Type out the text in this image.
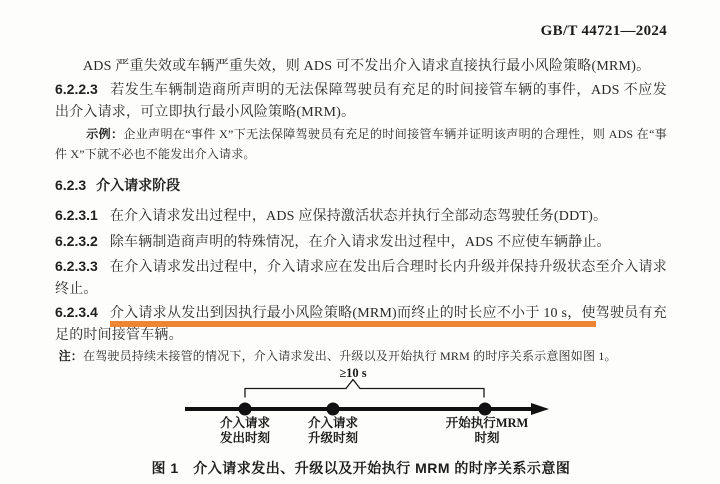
GB/T 44721—2024

ADS 严重失效或车辆严重失效，则 ADS 可不发出介入请求直接执行最小风险策略(MRM)。

6.2.2.3 若发生车辆制造商所声明的无法保障驾驶员有充足的时间接管车辆的事件，ADS 不应发出介入请求，可立即执行最小风险策略(MRM)。

示例：企业声明在“事件 X”下无法保障驾驶员有充足的时间接管车辆并证明该声明的合理性，则 ADS 在“事件 X”下就不必也不能发出介入请求。

6.2.3 介入请求阶段

6.2.3.1 在介入请求发出过程中，ADS 应保持激活状态并执行全部动态驾驶任务(DDT)。

6.2.3.2 除车辆制造商声明的特殊情况，在介入请求发出过程中，ADS 不应使车辆静止。

6.2.3.3 在介入请求发出过程中，介入请求应在发出后合理时长内升级并保持升级状态至介入请求终止。

6.2.3.4 介入请求从发出到因执行最小风险策略(MRM)而终止的时长应不小于 10 s，使驾驶员有充足的时间接管车辆。

注：在驾驶员持续未接管的情况下，介入请求发出、升级以及开始执行 MRM 的时序关系示意图如图 1。

≥10 s
介入请求
发出时刻
介入请求
升级时刻
开始执行MRM
时刻

图 1　介入请求发出、升级以及开始执行 MRM 的时序关系示意图
